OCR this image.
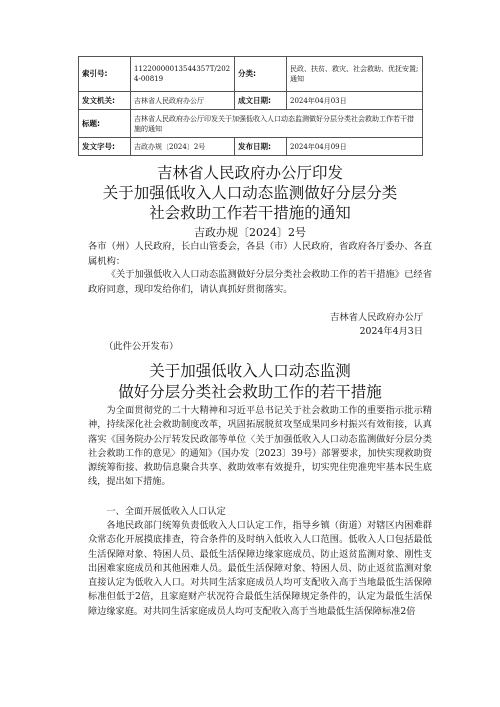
索引号:	11220000013544357T/2024-00819	分类:	民政、扶贫、救灾、社会救助、优抚安置;通知
发文机关:	吉林省人民政府办公厅	成文日期:	2024年04月03日
标题:	吉林省人民政府办公厅印发关于加强低收入人口动态监测做好分层分类社会救助工作若干措施的通知		
发文字号:	吉政办规〔2024〕2号	发布日期:	2024年04月09日
吉林省人民政府办公厅印发
关于加强低收入人口动态监测做好分层分类
社会救助工作若干措施的通知
吉政办规〔2024〕2号

各市（州）人民政府，长白山管委会，各县（市）人民政府，省政府各厅委办、各直属机构：

《关于加强低收入人口动态监测做好分层分类社会救助工作的若干措施》已经省政府同意，现印发给你们，请认真抓好贯彻落实。

吉林省人民政府办公厅
2024年4月3日
（此件公开发布）
关于加强低收入人口动态监测
做好分层分类社会救助工作的若干措施

为全面贯彻党的二十大精神和习近平总书记关于社会救助工作的重要指示批示精神，持续深化社会救助制度改革，巩固拓展脱贫攻坚成果同乡村振兴有效衔接，认真落实《国务院办公厅转发民政部等单位〈关于加强低收入人口动态监测做好分层分类社会救助工作的意见〉的通知》（国办发〔2023〕39号）部署要求，加快实现救助资源统筹衔接、救助信息聚合共享、救助效率有效提升，切实兜住兜准兜牢基本民生底线，提出如下措施。

一、全面开展低收入人口认定

各地民政部门统筹负责低收入人口认定工作，指导乡镇（街道）对辖区内困难群众常态化开展摸底排查，符合条件的及时纳入低收入人口范围。低收入人口包括最低生活保障对象、特困人员、最低生活保障边缘家庭成员、防止返贫监测对象、刚性支出困难家庭成员和其他困难人员。最低生活保障对象、特困人员、防止返贫监测对象直接认定为低收入人口。对共同生活家庭成员人均可支配收入高于当地最低生活保障标准但低于2倍，且家庭财产状况符合最低生活保障规定条件的，认定为最低生活保障边缘家庭。对共同生活家庭成员人均可支配收入高于当地最低生活保障标准2倍
